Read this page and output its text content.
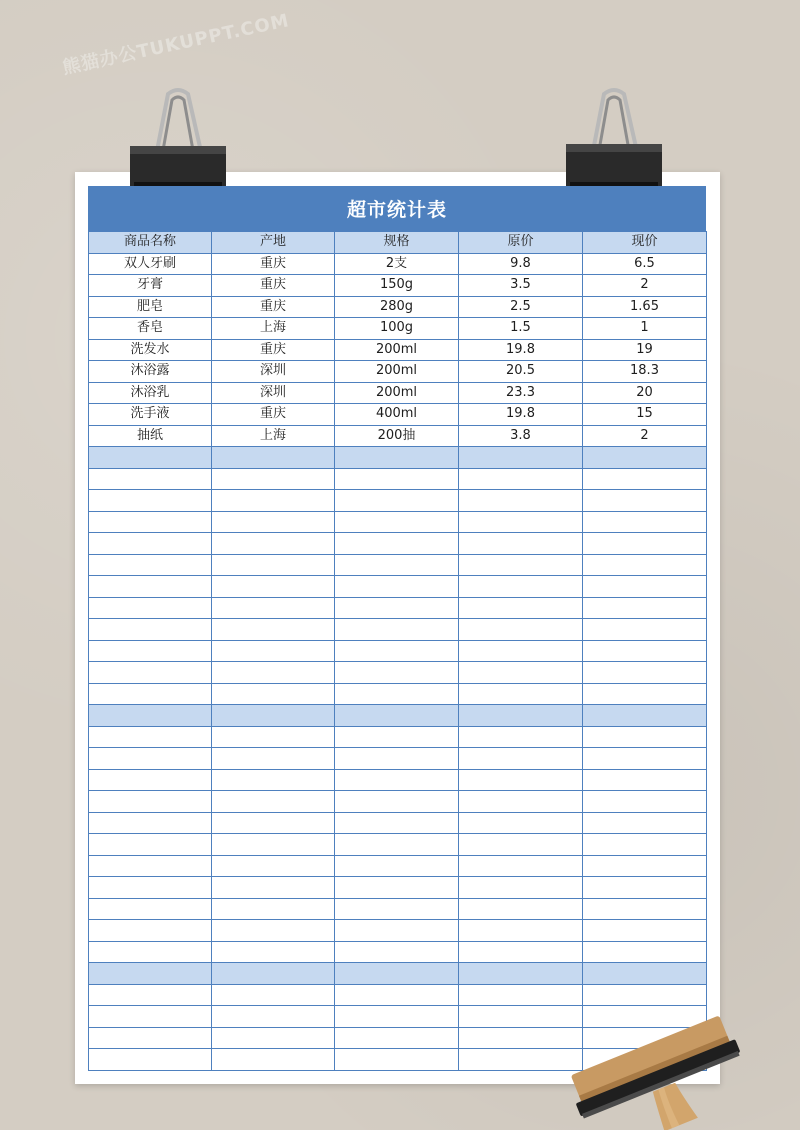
超市统计表
商品名称	产地	规格	原价	现价
双人牙刷	重庆	2支	9.8	6.5
牙膏	重庆	150g	3.5	2
肥皂	重庆	280g	2.5	1.65
香皂	上海	100g	1.5	1
洗发水	重庆	200ml	19.8	19
沐浴露	深圳	200ml	20.5	18.3
沐浴乳	深圳	200ml	23.3	20
洗手液	重庆	400ml	19.8	15
抽纸	上海	200抽	3.8	2

熊猫办公TUKUPPT.COM
